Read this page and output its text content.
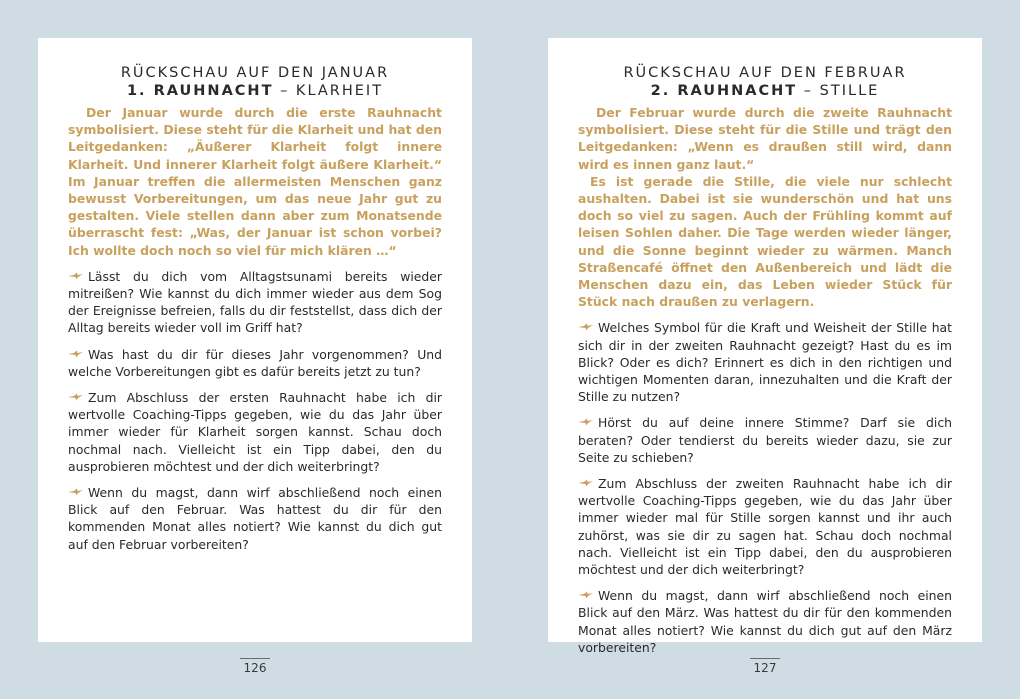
RÜCKSCHAU AUF DEN JANUAR
1. RAUHNACHT – KLARHEIT

Der Januar wurde durch die erste Rauhnacht symbolisiert. Diese steht für die Klarheit und hat den Leitgedanken: „Äußerer Klarheit folgt innere Klarheit. Und innerer Klarheit folgt äußere Klarheit.“ Im Januar treffen die allermeisten Menschen ganz bewusst Vorbereitungen, um das neue Jahr gut zu gestalten. Viele stellen dann aber zum Monatsende überrascht fest: „Was, der Januar ist schon vorbei? Ich wollte doch noch so viel für mich klären …“

Lässt du dich vom Alltagstsunami bereits wieder mitreißen? Wie kannst du dich immer wieder aus dem Sog der Ereignisse befreien, falls du dir feststellst, dass dich der Alltag bereits wieder voll im Griff hat?
Was hast du dir für dieses Jahr vorgenommen? Und welche Vorbereitungen gibt es dafür bereits jetzt zu tun?
Zum Abschluss der ersten Rauhnacht habe ich dir wertvolle Coaching-Tipps gegeben, wie du das Jahr über immer wieder für Klarheit sorgen kannst. Schau doch nochmal nach. Vielleicht ist ein Tipp dabei, den du ausprobieren möchtest und der dich weiterbringt?
Wenn du magst, dann wirf abschließend noch einen Blick auf den Februar. Was hattest du dir für den kommenden Monat alles notiert? Wie kannst du dich gut auf den Februar vorbereiten?
RÜCKSCHAU AUF DEN FEBRUAR
2. RAUHNACHT – STILLE

Der Februar wurde durch die zweite Rauhnacht symbolisiert. Diese steht für die Stille und trägt den Leitgedanken: „Wenn es draußen still wird, dann wird es innen ganz laut.“

Es ist gerade die Stille, die viele nur schlecht aushalten. Dabei ist sie wunderschön und hat uns doch so viel zu sagen. Auch der Frühling kommt auf leisen Sohlen daher. Die Tage werden wieder länger, und die Sonne beginnt wieder zu wärmen. Manch Straßencafé öffnet den Außenbereich und lädt die Menschen dazu ein, das Leben wieder Stück für Stück nach draußen zu verlagern.

Welches Symbol für die Kraft und Weisheit der Stille hat sich dir in der zweiten Rauhnacht gezeigt? Hast du es im Blick? Oder es dich? Erinnert es dich in den richtigen und wichtigen Momenten daran, innezuhalten und die Kraft der Stille zu nutzen?
Hörst du auf deine innere Stimme? Darf sie dich beraten? Oder tendierst du bereits wieder dazu, sie zur Seite zu schieben?
Zum Abschluss der zweiten Rauhnacht habe ich dir wertvolle Coaching-Tipps gegeben, wie du das Jahr über immer wieder mal für Stille sorgen kannst und ihr auch zuhörst, was sie dir zu sagen hat. Schau doch nochmal nach. Vielleicht ist ein Tipp dabei, den du ausprobieren möchtest und der dich weiterbringt?
Wenn du magst, dann wirf abschließend noch einen Blick auf den März. Was hattest du dir für den kommenden Monat alles notiert? Wie kannst du dich gut auf den März vorbereiten?
126	127
